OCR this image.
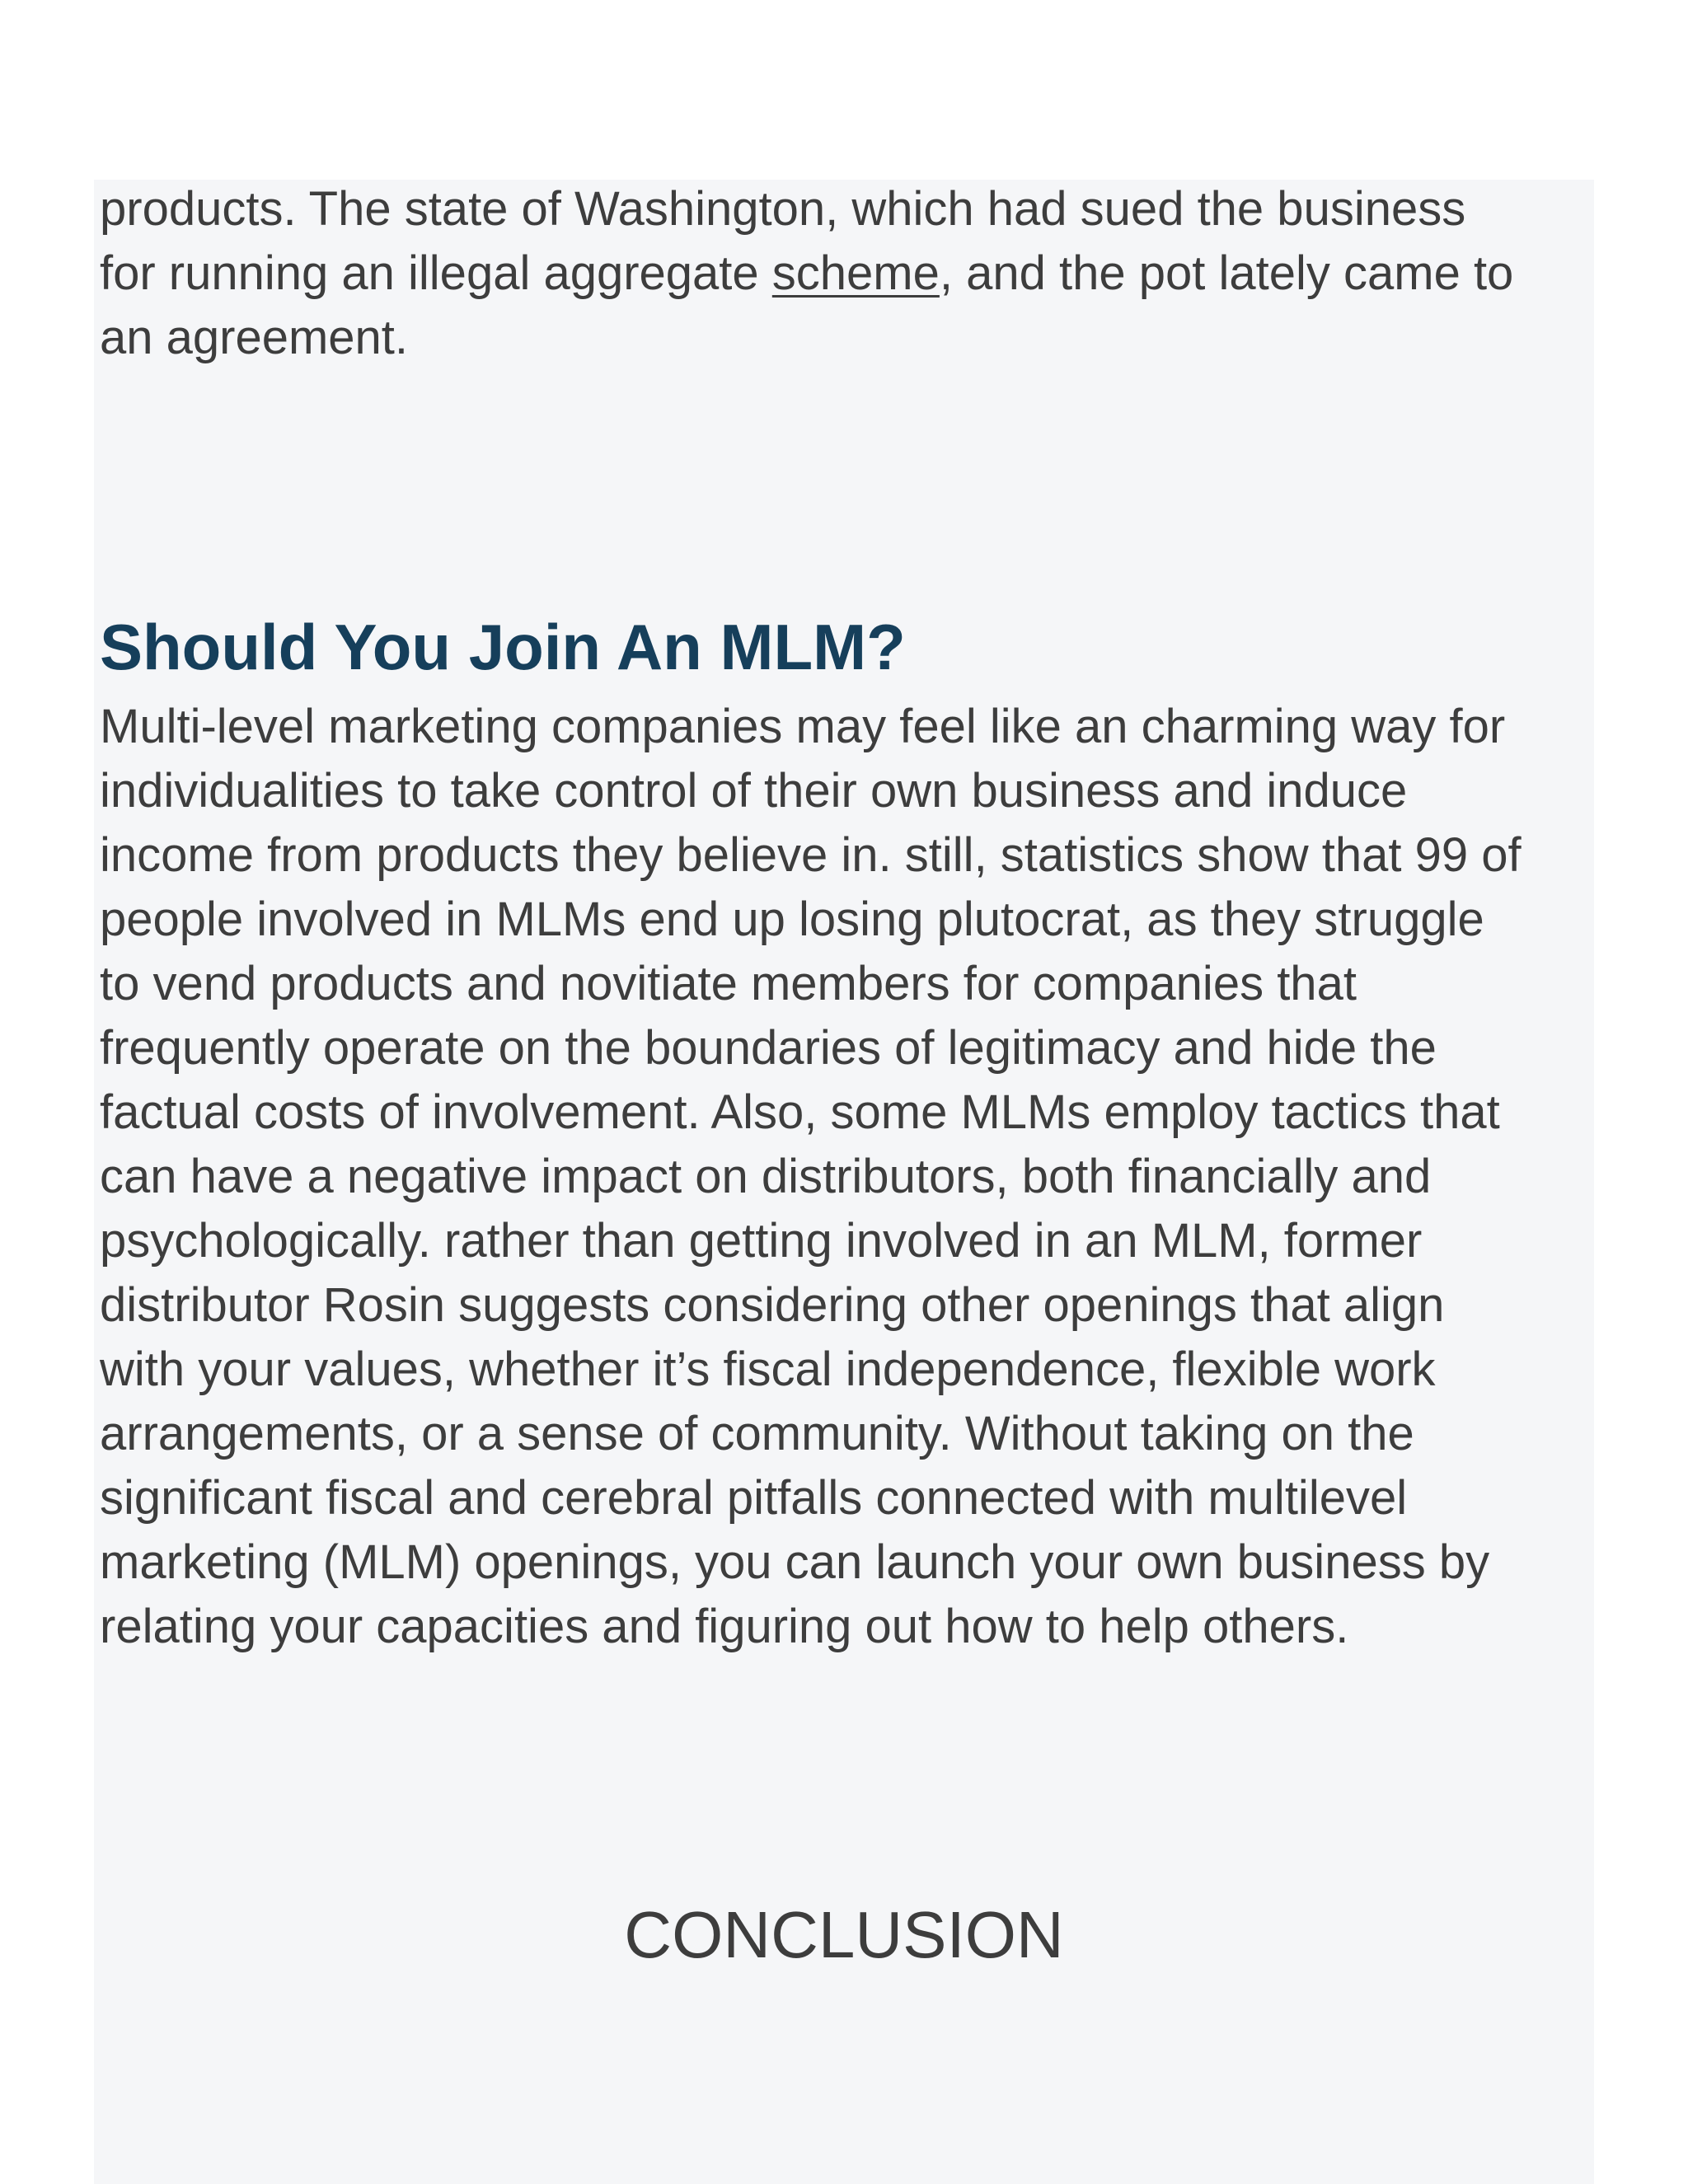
products. The state of Washington, which had sued the business
for running an illegal aggregate scheme, and the pot lately came to
an agreement.

Should You Join An MLM?

Multi-level marketing companies may feel like an charming way for
individualities to take control of their own business and induce
income from products they believe in. still, statistics show that 99 of
people involved in MLMs end up losing plutocrat, as they struggle
to vend products and novitiate members for companies that
frequently operate on the boundaries of legitimacy and hide the
factual costs of involvement. Also, some MLMs employ tactics that
can have a negative impact on distributors, both financially and
psychologically. rather than getting involved in an MLM, former
distributor Rosin suggests considering other openings that align
with your values, whether it’s fiscal independence, flexible work
arrangements, or a sense of community. Without taking on the
significant fiscal and cerebral pitfalls connected with multilevel
marketing (MLM) openings, you can launch your own business by
relating your capacities and figuring out how to help others.

CONCLUSION
